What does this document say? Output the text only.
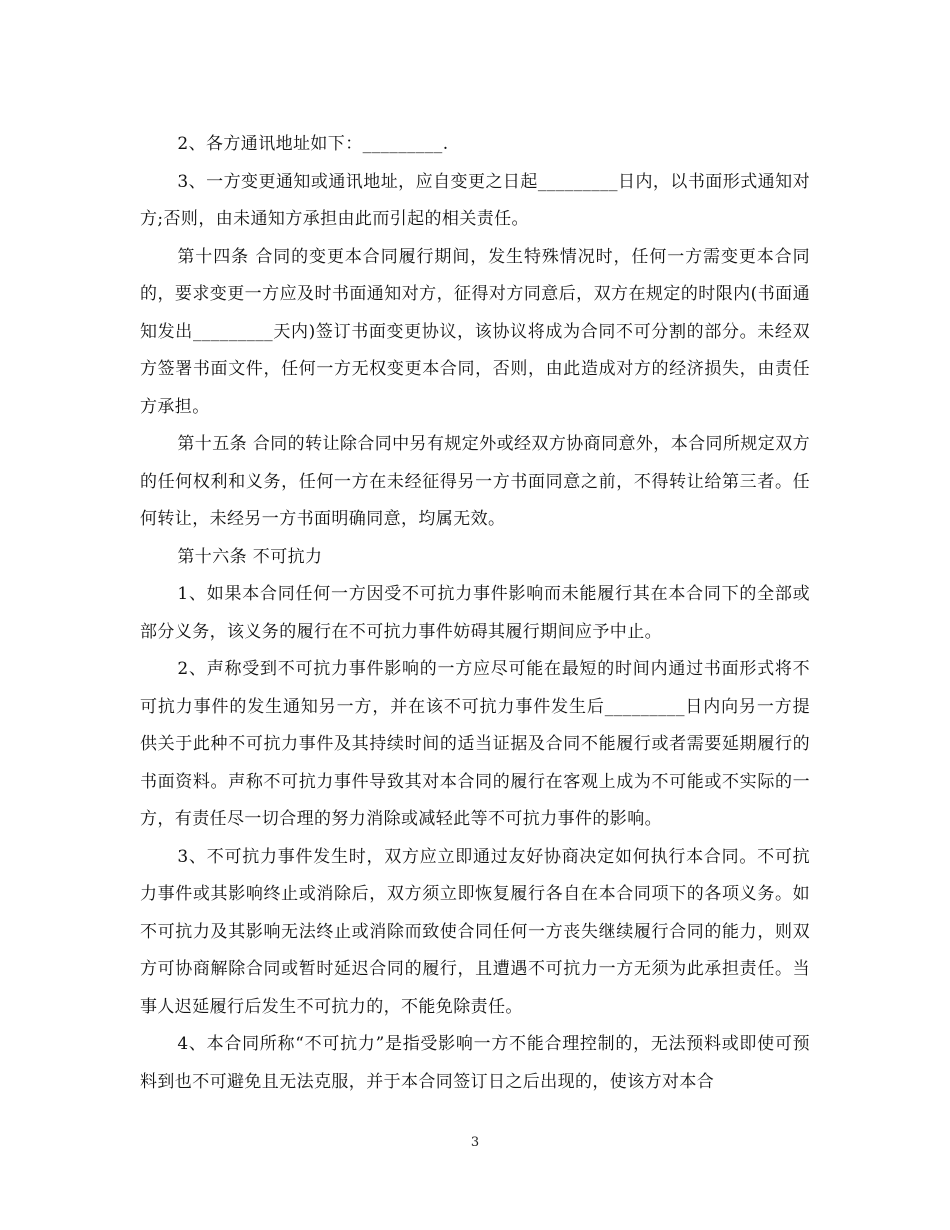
2、各方通讯地址如下：_________.

3、一方变更通知或通讯地址，应自变更之日起_________日内，以书面形式通知对方;否则，由未通知方承担由此而引起的相关责任。

第十四条 合同的变更本合同履行期间，发生特殊情况时，任何一方需变更本合同的，要求变更一方应及时书面通知对方，征得对方同意后，双方在规定的时限内(书面通知发出_________天内)签订书面变更协议，该协议将成为合同不可分割的部分。未经双方签署书面文件，任何一方无权变更本合同，否则，由此造成对方的经济损失，由责任方承担。

第十五条 合同的转让除合同中另有规定外或经双方协商同意外，本合同所规定双方的任何权利和义务，任何一方在未经征得另一方书面同意之前，不得转让给第三者。任何转让，未经另一方书面明确同意，均属无效。

第十六条 不可抗力

1、如果本合同任何一方因受不可抗力事件影响而未能履行其在本合同下的全部或部分义务，该义务的履行在不可抗力事件妨碍其履行期间应予中止。

2、声称受到不可抗力事件影响的一方应尽可能在最短的时间内通过书面形式将不可抗力事件的发生通知另一方，并在该不可抗力事件发生后_________日内向另一方提供关于此种不可抗力事件及其持续时间的适当证据及合同不能履行或者需要延期履行的书面资料。声称不可抗力事件导致其对本合同的履行在客观上成为不可能或不实际的一方，有责任尽一切合理的努力消除或减轻此等不可抗力事件的影响。

3、不可抗力事件发生时，双方应立即通过友好协商决定如何执行本合同。不可抗力事件或其影响终止或消除后，双方须立即恢复履行各自在本合同项下的各项义务。如不可抗力及其影响无法终止或消除而致使合同任何一方丧失继续履行合同的能力，则双方可协商解除合同或暂时延迟合同的履行，且遭遇不可抗力一方无须为此承担责任。当事人迟延履行后发生不可抗力的，不能免除责任。

4、本合同所称“不可抗力”是指受影响一方不能合理控制的，无法预料或即使可预料到也不可避免且无法克服，并于本合同签订日之后出现的，使该方对本合

3
